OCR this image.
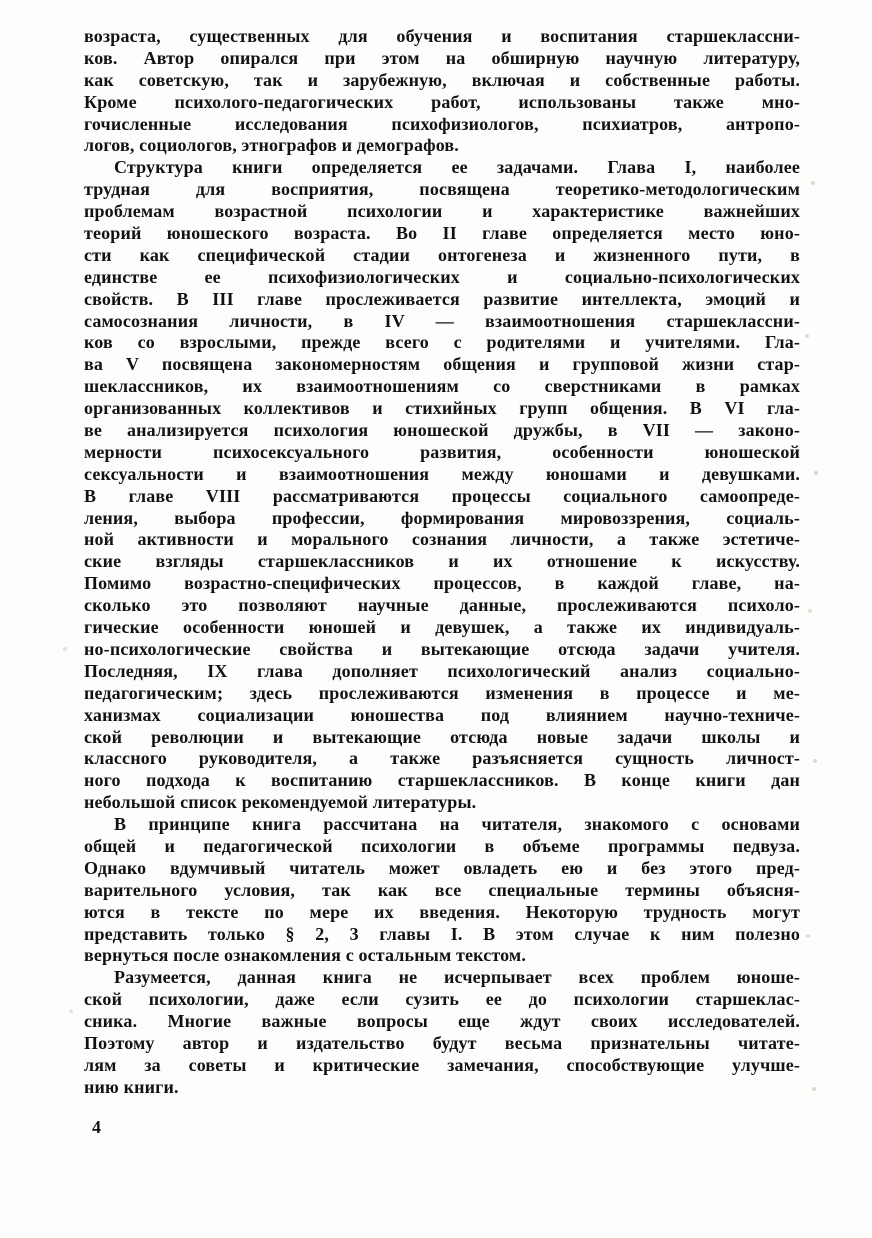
возраста, существенных для обучения и воспитания старшеклассни-
ков. Автор опирался при этом на обширную научную литературу,
как советскую, так и зарубежную, включая и собственные работы.
Кроме психолого-педагогических работ, использованы также мно-
гочисленные исследования психофизиологов, психиатров, антропо-
логов, социологов, этнографов и демографов.
Структура книги определяется ее задачами. Глава I, наиболее
трудная для восприятия, посвящена теоретико-методологическим
проблемам возрастной психологии и характеристике важнейших
теорий юношеского возраста. Во II главе определяется место юно-
сти как специфической стадии онтогенеза и жизненного пути, в
единстве ее психофизиологических и социально-психологических
свойств. В III главе прослеживается развитие интеллекта, эмоций и
самосознания личности, в IV — взаимоотношения старшеклассни-
ков со взрослыми, прежде всего с родителями и учителями. Гла-
ва V посвящена закономерностям общения и групповой жизни стар-
шеклассников, их взаимоотношениям со сверстниками в рамках
организованных коллективов и стихийных групп общения. В VI гла-
ве анализируется психология юношеской дружбы, в VII — законо-
мерности психосексуального развития, особенности юношеской
сексуальности и взаимоотношения между юношами и девушками.
В главе VIII рассматриваются процессы социального самоопреде-
ления, выбора профессии, формирования мировоззрения, социаль-
ной активности и морального сознания личности, а также эстетиче-
ские взгляды старшеклассников и их отношение к искусству.
Помимо возрастно-специфических процессов, в каждой главе, на-
сколько это позволяют научные данные, прослеживаются психоло-
гические особенности юношей и девушек, а также их индивидуаль-
но-психологические свойства и вытекающие отсюда задачи учителя.
Последняя, IX глава дополняет психологический анализ социально-
педагогическим; здесь прослеживаются изменения в процессе и ме-
ханизмах социализации юношества под влиянием научно-техниче-
ской революции и вытекающие отсюда новые задачи школы и
классного руководителя, а также разъясняется сущность личност-
ного подхода к воспитанию старшеклассников. В конце книги дан
небольшой список рекомендуемой литературы.
В принципе книга рассчитана на читателя, знакомого с основами
общей и педагогической психологии в объеме программы педвуза.
Однако вдумчивый читатель может овладеть ею и без этого пред-
варительного условия, так как все специальные термины объясня-
ются в тексте по мере их введения. Некоторую трудность могут
представить только § 2, 3 главы I. В этом случае к ним полезно
вернуться после ознакомления с остальным текстом.
Разумеется, данная книга не исчерпывает всех проблем юноше-
ской психологии, даже если сузить ее до психологии старшеклас-
сника. Многие важные вопросы еще ждут своих исследователей.
Поэтому автор и издательство будут весьма признательны читате-
лям за советы и критические замечания, способствующие улучше-
нию книги.
4
